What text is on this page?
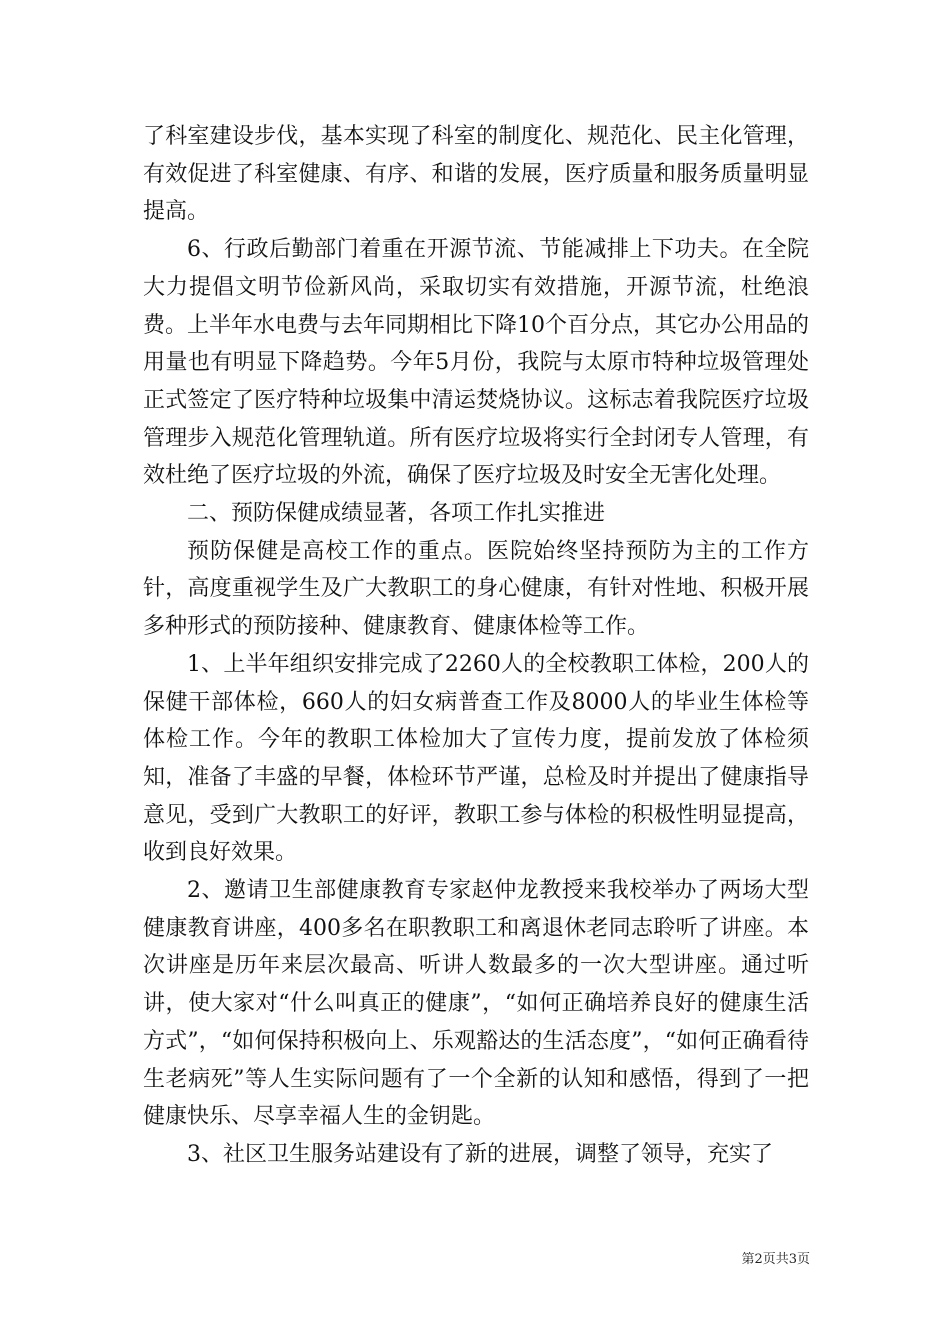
了科室建设步伐，基本实现了科室的制度化、规范化、民主化管理，有效促进了科室健康、有序、和谐的发展，医疗质量和服务质量明显提高。

6、行政后勤部门着重在开源节流、节能减排上下功夫。在全院大力提倡文明节俭新风尚，采取切实有效措施，开源节流，杜绝浪费。上半年水电费与去年同期相比下降10个百分点，其它办公用品的用量也有明显下降趋势。今年5月份，我院与太原市特种垃圾管理处正式签定了医疗特种垃圾集中清运焚烧协议。这标志着我院医疗垃圾管理步入规范化管理轨道。所有医疗垃圾将实行全封闭专人管理，有效杜绝了医疗垃圾的外流，确保了医疗垃圾及时安全无害化处理。

二、预防保健成绩显著，各项工作扎实推进

预防保健是高校工作的重点。医院始终坚持预防为主的工作方针，高度重视学生及广大教职工的身心健康，有针对性地、积极开展多种形式的预防接种、健康教育、健康体检等工作。

1、上半年组织安排完成了2260人的全校教职工体检，200人的保健干部体检，660人的妇女病普查工作及8000人的毕业生体检等体检工作。今年的教职工体检加大了宣传力度，提前发放了体检须知，准备了丰盛的早餐，体检环节严谨，总检及时并提出了健康指导意见，受到广大教职工的好评，教职工参与体检的积极性明显提高，收到良好效果。

2、邀请卫生部健康教育专家赵仲龙教授来我校举办了两场大型健康教育讲座，400多名在职教职工和离退休老同志聆听了讲座。本次讲座是历年来层次最高、听讲人数最多的一次大型讲座。通过听讲，使大家对“什么叫真正的健康”，“如何正确培养良好的健康生活方式”，“如何保持积极向上、乐观豁达的生活态度”，“如何正确看待生老病死”等人生实际问题有了一个全新的认知和感悟，得到了一把健康快乐、尽享幸福人生的金钥匙。

3、社区卫生服务站建设有了新的进展，调整了领导，充实了

第2页共3页
